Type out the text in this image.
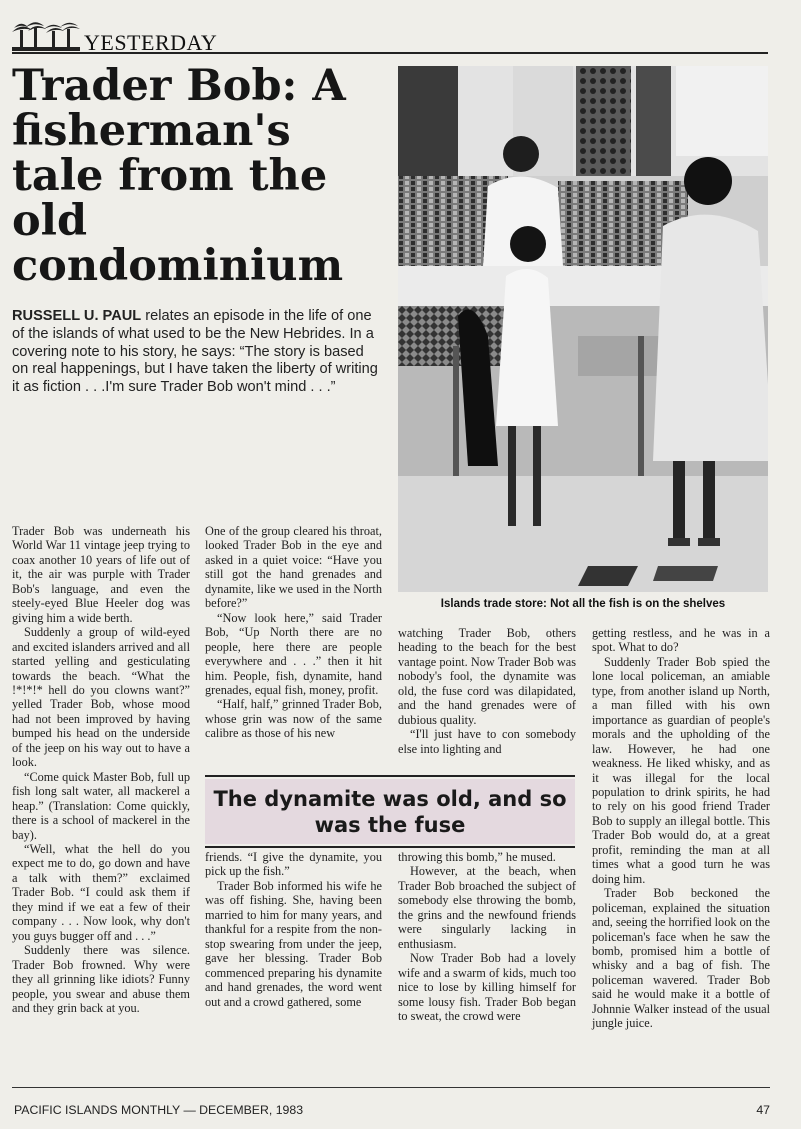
YESTERDAY
Trader Bob: A fisherman's tale from the old condominium
RUSSELL U. PAUL relates an episode in the life of one of the islands of what used to be the New Hebrides. In a covering note to his story, he says: “The story is based on real happenings, but I have taken the liberty of writing it as fiction . . .I'm sure Trader Bob won't mind . . .”
Islands trade store: Not all the fish is on the shelves

Trader Bob was underneath his World War 11 vintage jeep trying to coax another 10 years of life out of it, the air was purple with Trader Bob's language, and even the steely-eyed Blue Heeler dog was giving him a wide berth.

Suddenly a group of wild-eyed and excited islanders arrived and all started yelling and gesticulating towards the beach. “What the !*!*!* hell do you clowns want?” yelled Trader Bob, whose mood had not been improved by having bumped his head on the underside of the jeep on his way out to have a look.

“Come quick Master Bob, full up fish long salt water, all mackerel a heap.” (Translation: Come quickly, there is a school of mackerel in the bay).

“Well, what the hell do you expect me to do, go down and have a talk with them?” exclaimed Trader Bob. “I could ask them if they mind if we eat a few of their company . . . Now look, why don't you guys bugger off and . . .”

Suddenly there was silence. Trader Bob frowned. Why were they all grinning like idiots? Funny people, you swear and abuse them and they grin back at you.

One of the group cleared his throat, looked Trader Bob in the eye and asked in a quiet voice: “Have you still got the hand grenades and dynamite, like we used in the North before?”

“Now look here,” said Trader Bob, “Up North there are no people, here there are people everywhere and . . .” then it hit him. People, fish, dynamite, hand grenades, equal fish, money, profit.

“Half, half,” grinned Trader Bob, whose grin was now of the same calibre as those of his new

watching Trader Bob, others heading to the beach for the best vantage point. Now Trader Bob was nobody's fool, the dynamite was old, the fuse cord was dilapidated, and the hand grenades were of dubious quality.

“I'll just have to con somebody else into lighting and

getting restless, and he was in a spot. What to do?

Suddenly Trader Bob spied the lone local policeman, an amiable type, from another island up North, a man filled with his own importance as guardian of people's morals and the upholding of the law. However, he had one weakness. He liked whisky, and as it was illegal for the local population to drink spirits, he had to rely on his good friend Trader Bob to supply an illegal bottle. This Trader Bob would do, at a great profit, reminding the man at all times what a good turn he was doing him.

Trader Bob beckoned the policeman, explained the situation and, seeing the horrified look on the policeman's face when he saw the bomb, promised him a bottle of whisky and a bag of fish. The policeman wavered. Trader Bob said he would make it a bottle of Johnnie Walker instead of the usual jungle juice.

The dynamite was old, and so was the fuse

friends. “I give the dynamite, you pick up the fish.”

Trader Bob informed his wife he was off fishing. She, having been married to him for many years, and thankful for a respite from the non-stop swearing from under the jeep, gave her blessing. Trader Bob commenced preparing his dynamite and hand grenades, the word went out and a crowd gathered, some

throwing this bomb,” he mused.

However, at the beach, when Trader Bob broached the subject of somebody else throwing the bomb, the grins and the newfound friends were singularly lacking in enthusiasm.

Now Trader Bob had a lovely wife and a swarm of kids, much too nice to lose by killing himself for some lousy fish. Trader Bob began to sweat, the crowd were

PACIFIC ISLANDS MONTHLY — DECEMBER, 1983	47
